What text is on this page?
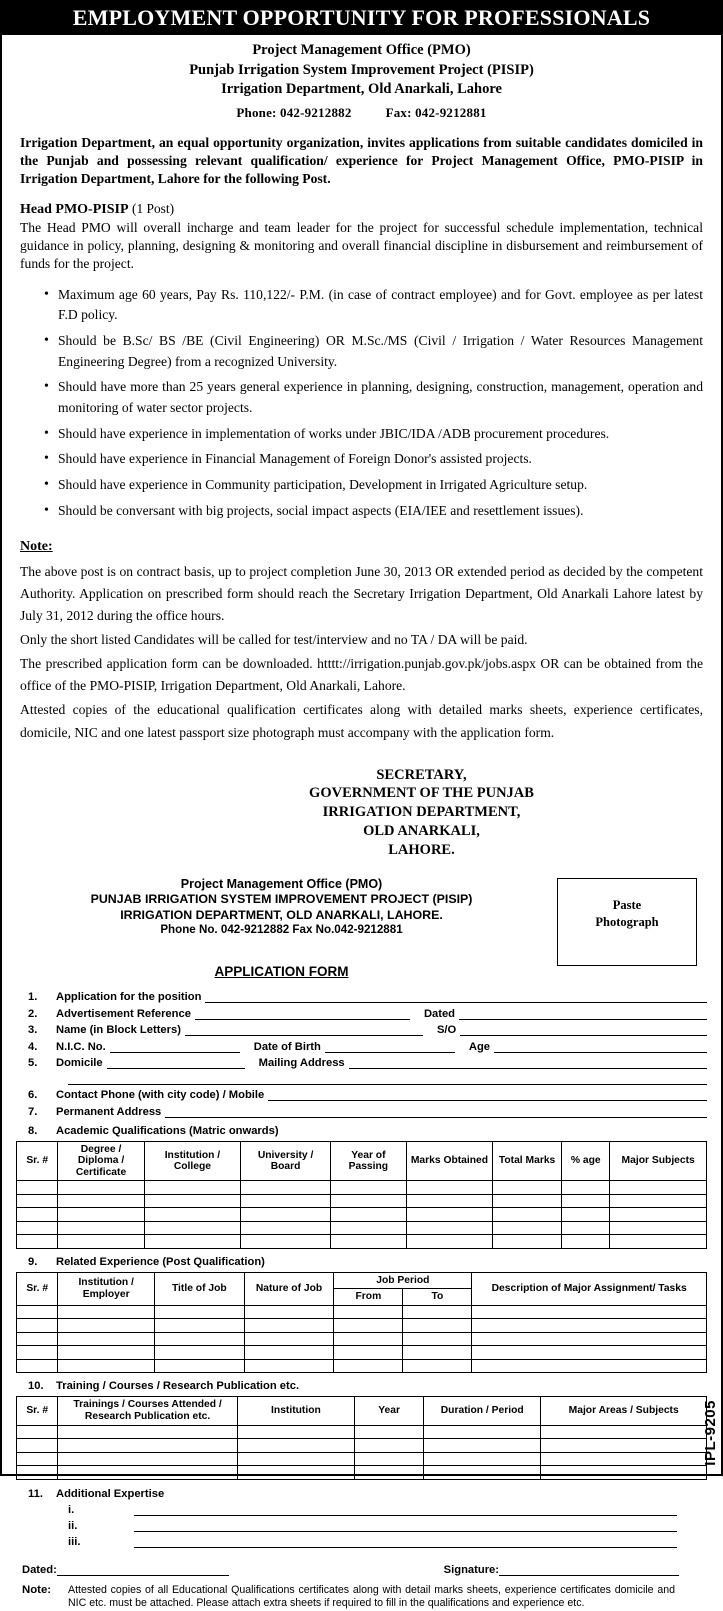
EMPLOYMENT OPPORTUNITY FOR PROFESSIONALS
Project Management Office (PMO)
Punjab Irrigation System Improvement Project (PISIP)
Irrigation Department, Old Anarkali, Lahore
Phone: 042-9212882	Fax: 042-9212881
Irrigation Department, an equal opportunity organization, invites applications from suitable candidates domiciled in the Punjab and possessing relevant qualification/ experience for Project Management Office, PMO-PISIP in Irrigation Department, Lahore for the following Post.
Head PMO-PISIP (1 Post)
The Head PMO will overall incharge and team leader for the project for successful schedule implementation, technical guidance in policy, planning, designing & monitoring and overall financial discipline in disbursement and reimbursement of funds for the project.
• Maximum age 60 years, Pay Rs. 110,122/- P.M. (in case of contract employee) and for Govt. employee as per latest F.D policy.
• Should be B.Sc/ BS /BE (Civil Engineering) OR M.Sc./MS (Civil / Irrigation / Water Resources Management Engineering Degree) from a recognized University.
• Should have more than 25 years general experience in planning, designing, construction, management, operation and monitoring of water sector projects.
• Should have experience in implementation of works under JBIC/IDA /ADB procurement procedures.
• Should have experience in Financial Management of Foreign Donor's assisted projects.
• Should have experience in Community participation, Development in Irrigated Agriculture setup.
• Should be conversant with big projects, social impact aspects (EIA/IEE and resettlement issues).
Note:
The above post is on contract basis, up to project completion June 30, 2013 OR extended period as decided by the competent Authority. Application on prescribed form should reach the Secretary Irrigation Department, Old Anarkali Lahore latest by July 31, 2012 during the office hours.
Only the short listed Candidates will be called for test/interview and no TA / DA will be paid.
The prescribed application form can be downloaded. htttt://irrigation.punjab.gov.pk/jobs.aspx OR can be obtained from the office of the PMO-PISIP, Irrigation Department, Old Anarkali, Lahore.
Attested copies of the educational qualification certificates along with detailed marks sheets, experience certificates, domicile, NIC and one latest passport size photograph must accompany with the application form.
SECRETARY,
GOVERNMENT OF THE PUNJAB
IRRIGATION DEPARTMENT,
OLD ANARKALI,
LAHORE.
Paste
Photograph
Project Management Office (PMO)
PUNJAB IRRIGATION SYSTEM IMPROVEMENT PROJECT (PISIP)
IRRIGATION DEPARTMENT, OLD ANARKALI, LAHORE.
Phone No. 042-9212882 Fax No.042-9212881
APPLICATION FORM
1.	Application for the position
2.	Advertisement Reference	Dated
3.	Name (in Block Letters)	S/O
4.	N.I.C. No.	Date of Birth	Age
5.	Domicile	Mailing Address
6.	Contact Phone (with city code) / Mobile
7.	Permanent Address
8.	Academic Qualifications (Matric onwards)
Sr. #	Degree / Diploma / Certificate	Institution / College	University / Board	Year of Passing	Marks Obtained	Total Marks	% age	Major Subjects

9.	Related Experience (Post Qualification)
Sr. #	Institution / Employer	Title of Job	Nature of Job	Job Period		Description of Major Assignment/ Tasks
				From	To	

10.	Training / Courses / Research Publication etc.
Sr. #	Trainings / Courses Attended / Research Publication etc.	Institution	Year	Duration / Period	Major Areas / Subjects

11.	Additional Expertise
i.
ii.
iii.
Dated:	Signature:
Note:	Attested copies of all Educational Qualifications certificates along with detail marks sheets, experience certificates domicile and NIC etc. must be attached. Please attach extra sheets if required to fill in the qualifications and experience etc.
IPL-9205
